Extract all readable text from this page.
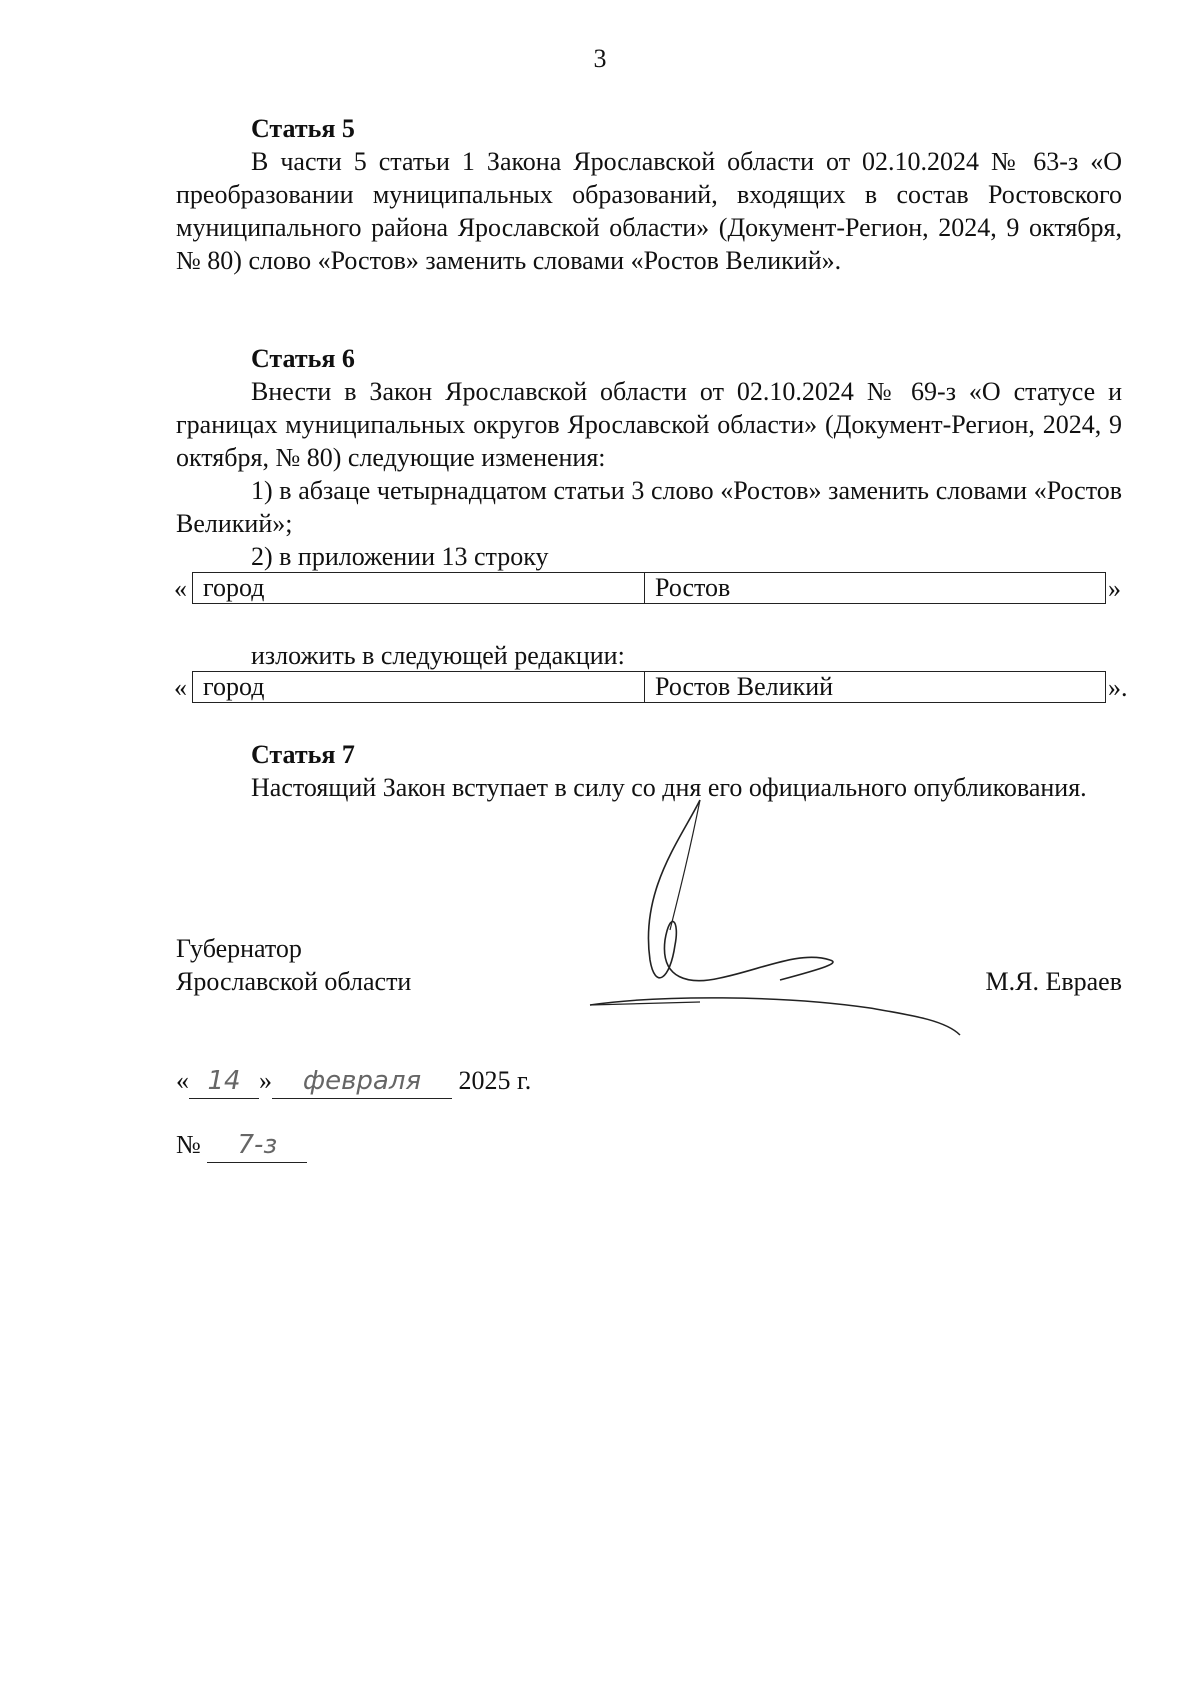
3
Статья 5

В части 5 статьи 1 Закона Ярославской области от 02.10.2024 № 63-з «О преобразовании муниципальных образований, входящих в состав Ростовского муниципального района Ярославской области» (Документ-Регион, 2024, 9 октября, № 80) слово «Ростов» заменить словами «Ростов Великий».

Статья 6

Внести в Закон Ярославской области от 02.10.2024 № 69-з «О статусе и границах муниципальных округов Ярославской области» (Документ-Регион, 2024, 9 октября, № 80) следующие изменения:

1) в абзаце четырнадцатом статьи 3 слово «Ростов» заменить словами «Ростов Великий»;

2) в приложении 13 строку
« город	Ростов	»
изложить в следующей редакции:
« город	Ростов Великий	».
Статья 7

Настоящий Закон вступает в силу со дня его официального опубликования.

Губернатор
Ярославской области	М.Я. Евраев
« 14 » февраля 2025 г.
№ 7-з
